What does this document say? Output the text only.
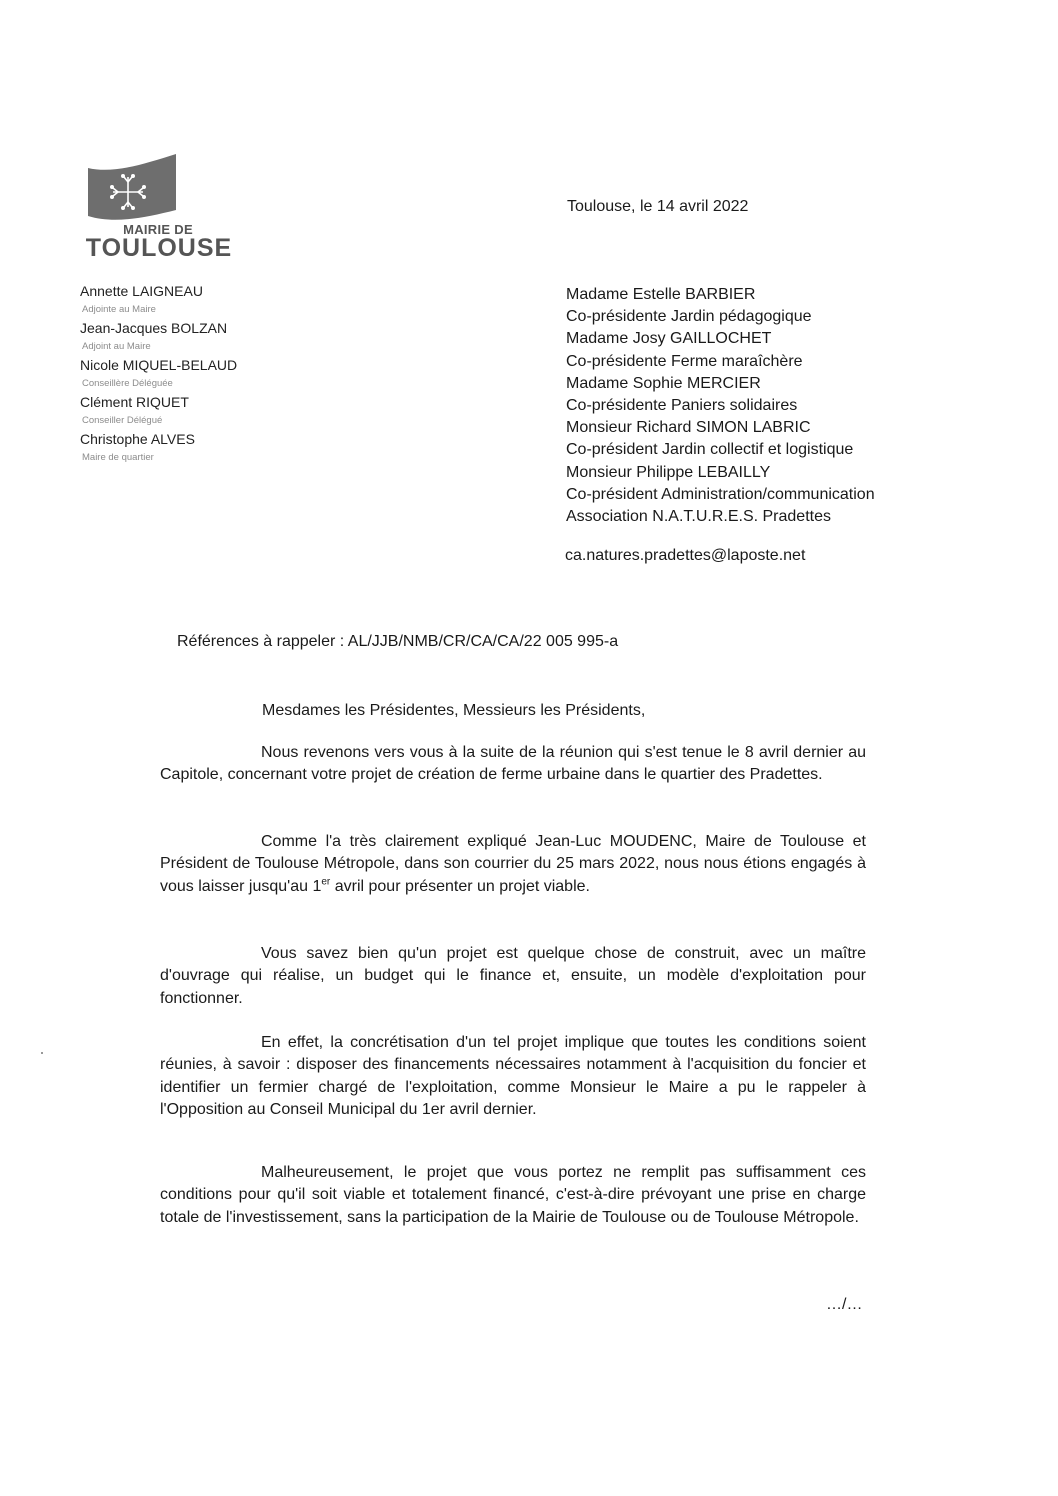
MAIRIE DE
TOULOUSE
Annette LAIGNEAU
Adjointe au Maire
Jean-Jacques BOLZAN
Adjoint au Maire
Nicole MIQUEL-BELAUD
Conseillère Déléguée
Clément RIQUET
Conseiller Délégué
Christophe ALVES
Maire de quartier
Toulouse, le 14 avril 2022
Madame Estelle BARBIER
Co-présidente Jardin pédagogique
Madame Josy GAILLOCHET
Co-présidente Ferme maraîchère
Madame Sophie MERCIER
Co-présidente Paniers solidaires
Monsieur Richard SIMON LABRIC
Co-président Jardin collectif et logistique
Monsieur Philippe LEBAILLY
Co-président Administration/communication
Association N.A.T.U.R.E.S. Pradettes
ca.natures.pradettes@laposte.net
Références à rappeler : AL/JJB/NMB/CR/CA/CA/22 005 995-a
Mesdames les Présidentes, Messieurs les Présidents,

Nous revenons vers vous à la suite de la réunion qui s'est tenue le 8 avril dernier au Capitole, concernant votre projet de création de ferme urbaine dans le quartier des Pradettes.

Comme l'a très clairement expliqué Jean-Luc MOUDENC, Maire de Toulouse et Président de Toulouse Métropole, dans son courrier du 25 mars 2022, nous nous étions engagés à vous laisser jusqu'au 1er avril pour présenter un projet viable.

Vous savez bien qu'un projet est quelque chose de construit, avec un maître d'ouvrage qui réalise, un budget qui le finance et, ensuite, un modèle d'exploitation pour fonctionner.

En effet, la concrétisation d'un tel projet implique que toutes les conditions soient réunies, à savoir : disposer des financements nécessaires notamment à l'acquisition du foncier et identifier un fermier chargé de l'exploitation, comme Monsieur le Maire a pu le rappeler à l'Opposition au Conseil Municipal du 1er avril dernier.

Malheureusement, le projet que vous portez ne remplit pas suffisamment ces conditions pour qu'il soit viable et totalement financé, c'est-à-dire prévoyant une prise en charge totale de l'investissement, sans la participation de la Mairie de Toulouse ou de Toulouse Métropole.

…/…
